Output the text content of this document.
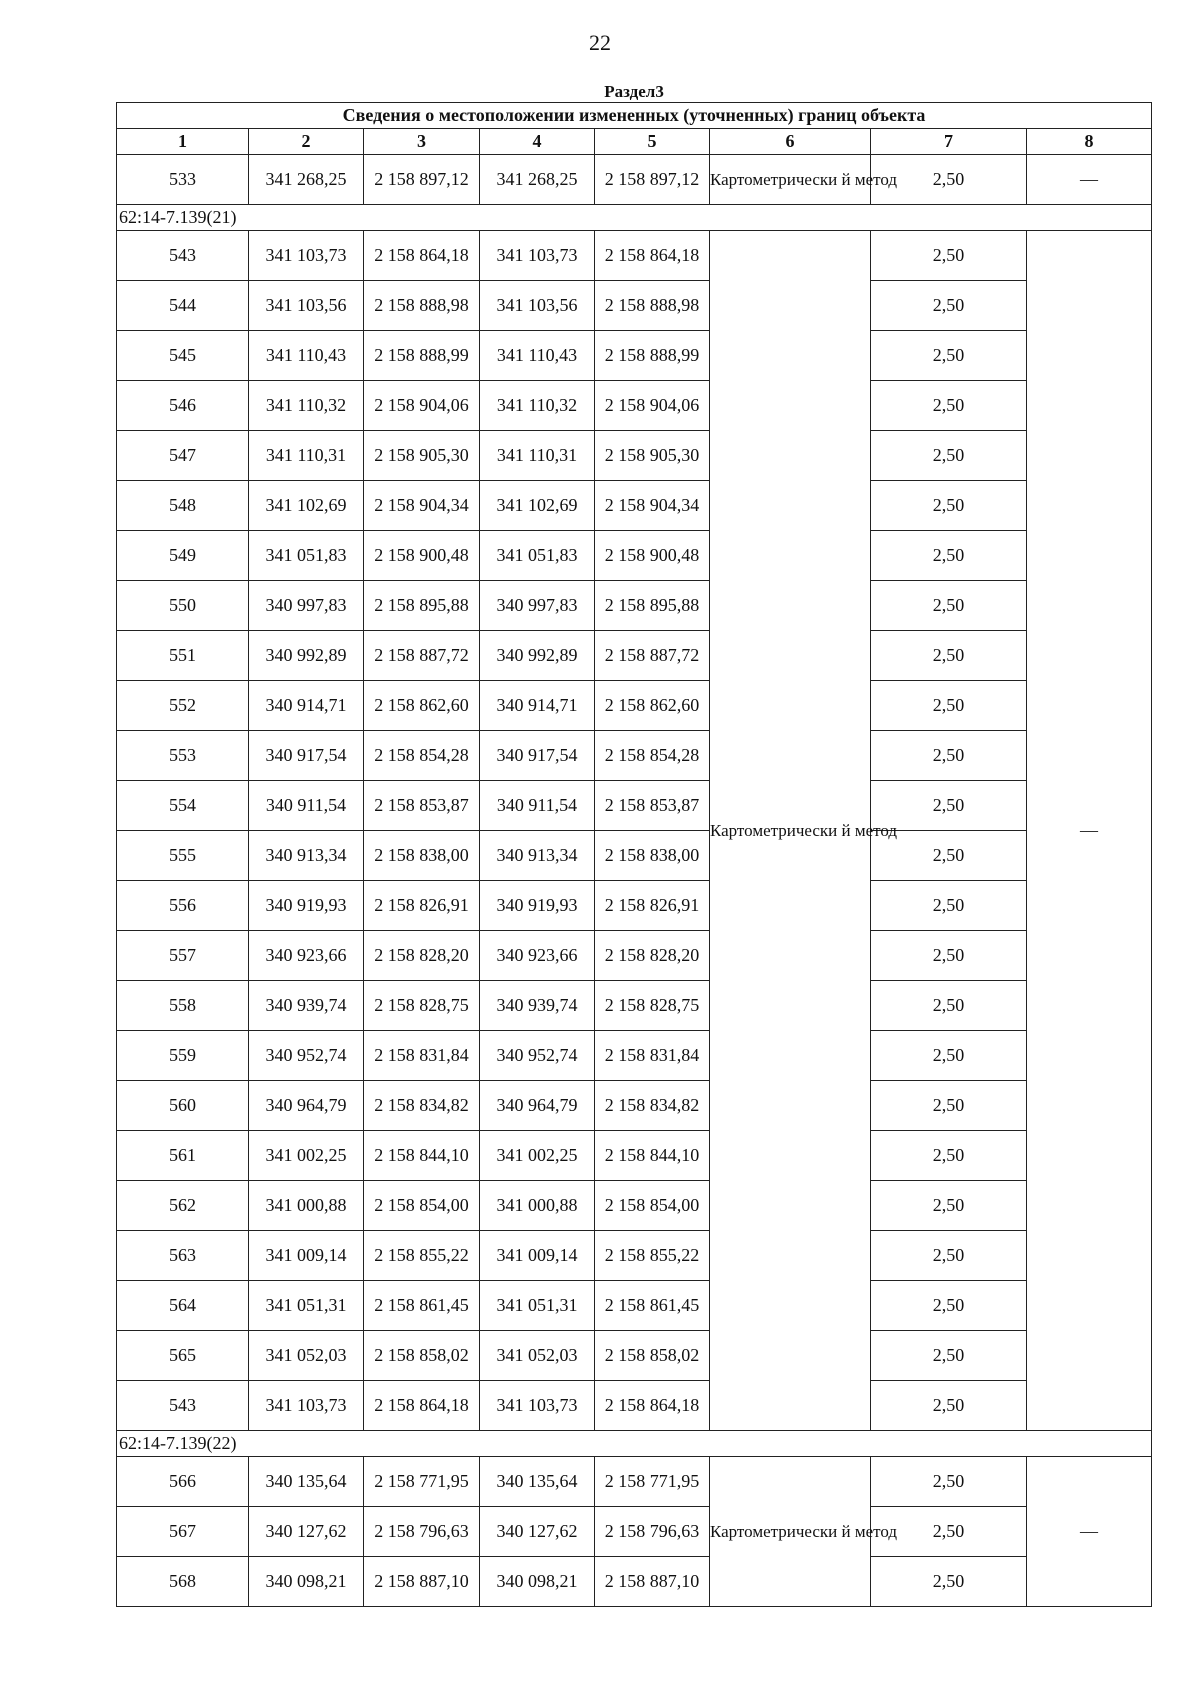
22
Раздел3							
Сведения о местоположении измененных (уточненных) границ объекта							
1	2	3	4	5	6	7	8
533	341 268,25	2 158 897,12	341 268,25	2 158 897,12	Картометрически й метод	2,50	—
62:14-7.139(21)							
543	341 103,73	2 158 864,18	341 103,73	2 158 864,18	Картометрически й метод	2,50	—
544	341 103,56	2 158 888,98	341 103,56	2 158 888,98		2,50	
545	341 110,43	2 158 888,99	341 110,43	2 158 888,99		2,50	
546	341 110,32	2 158 904,06	341 110,32	2 158 904,06		2,50	
547	341 110,31	2 158 905,30	341 110,31	2 158 905,30		2,50	
548	341 102,69	2 158 904,34	341 102,69	2 158 904,34		2,50	
549	341 051,83	2 158 900,48	341 051,83	2 158 900,48		2,50	
550	340 997,83	2 158 895,88	340 997,83	2 158 895,88		2,50	
551	340 992,89	2 158 887,72	340 992,89	2 158 887,72		2,50	
552	340 914,71	2 158 862,60	340 914,71	2 158 862,60		2,50	
553	340 917,54	2 158 854,28	340 917,54	2 158 854,28		2,50	
554	340 911,54	2 158 853,87	340 911,54	2 158 853,87		2,50	
555	340 913,34	2 158 838,00	340 913,34	2 158 838,00		2,50	
556	340 919,93	2 158 826,91	340 919,93	2 158 826,91		2,50	
557	340 923,66	2 158 828,20	340 923,66	2 158 828,20		2,50	
558	340 939,74	2 158 828,75	340 939,74	2 158 828,75		2,50	
559	340 952,74	2 158 831,84	340 952,74	2 158 831,84		2,50	
560	340 964,79	2 158 834,82	340 964,79	2 158 834,82		2,50	
561	341 002,25	2 158 844,10	341 002,25	2 158 844,10		2,50	
562	341 000,88	2 158 854,00	341 000,88	2 158 854,00		2,50	
563	341 009,14	2 158 855,22	341 009,14	2 158 855,22		2,50	
564	341 051,31	2 158 861,45	341 051,31	2 158 861,45		2,50	
565	341 052,03	2 158 858,02	341 052,03	2 158 858,02		2,50	
543	341 103,73	2 158 864,18	341 103,73	2 158 864,18		2,50	
62:14-7.139(22)							
566	340 135,64	2 158 771,95	340 135,64	2 158 771,95	Картометрически й метод	2,50	—
567	340 127,62	2 158 796,63	340 127,62	2 158 796,63		2,50	
568	340 098,21	2 158 887,10	340 098,21	2 158 887,10		2,50	
